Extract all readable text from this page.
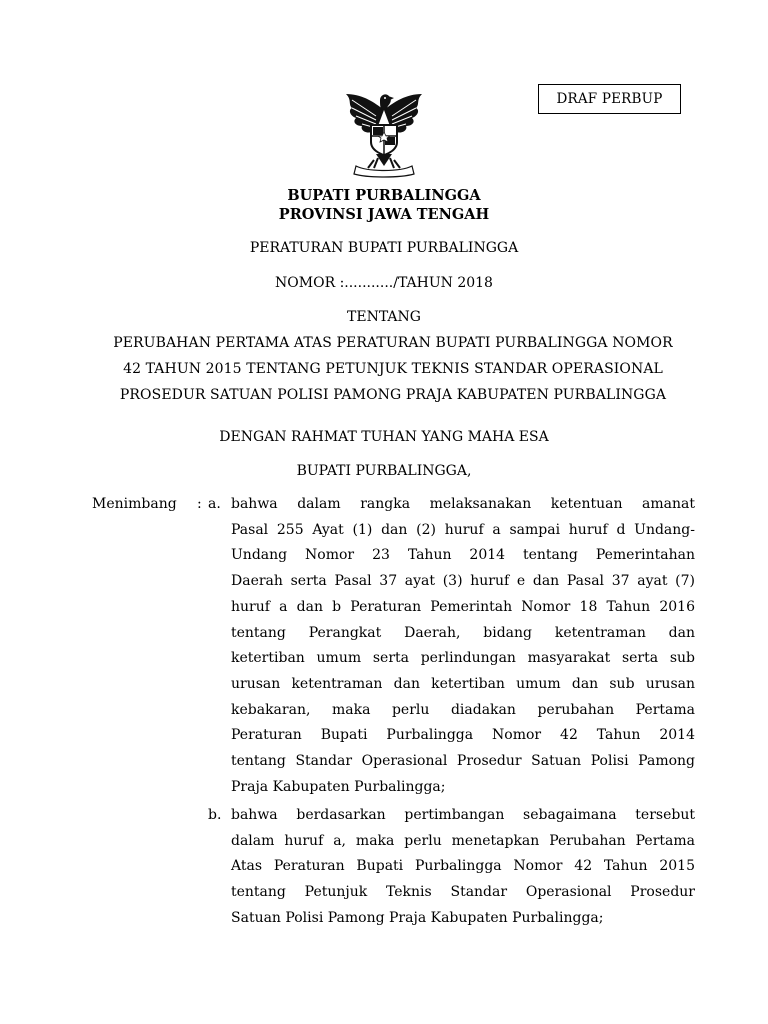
DRAF PERBUP
BUPATI PURBALINGGA
PROVINSI JAWA TENGAH
PERATURAN BUPATI PURBALINGGA
NOMOR :.........../TAHUN 2018
TENTANG
PERUBAHAN PERTAMA ATAS PERATURAN BUPATI PURBALINGGA NOMOR
42 TAHUN 2015 TENTANG PETUNJUK TEKNIS STANDAR OPERASIONAL
PROSEDUR SATUAN POLISI PAMONG PRAJA KABUPATEN PURBALINGGA
DENGAN RAHMAT TUHAN YANG MAHA ESA
BUPATI PURBALINGGA,
Menimbang : a. bahwa dalam rangka melaksanakan ketentuan amanat
Pasal 255 Ayat (1) dan (2) huruf a sampai huruf d Undang-
Undang Nomor 23 Tahun 2014 tentang Pemerintahan
Daerah serta Pasal 37 ayat (3) huruf e dan Pasal 37 ayat (7)
huruf a dan b Peraturan Pemerintah Nomor 18 Tahun 2016
tentang Perangkat Daerah, bidang ketentraman dan
ketertiban umum serta perlindungan masyarakat serta sub
urusan ketentraman dan ketertiban umum dan sub urusan
kebakaran, maka perlu diadakan perubahan Pertama
Peraturan Bupati Purbalingga Nomor 42 Tahun 2014
tentang Standar Operasional Prosedur Satuan Polisi Pamong
Praja Kabupaten Purbalingga;
b. bahwa berdasarkan pertimbangan sebagaimana tersebut
dalam huruf a, maka perlu menetapkan Perubahan Pertama
Atas Peraturan Bupati Purbalingga Nomor 42 Tahun 2015
tentang Petunjuk Teknis Standar Operasional Prosedur
Satuan Polisi Pamong Praja Kabupaten Purbalingga;
